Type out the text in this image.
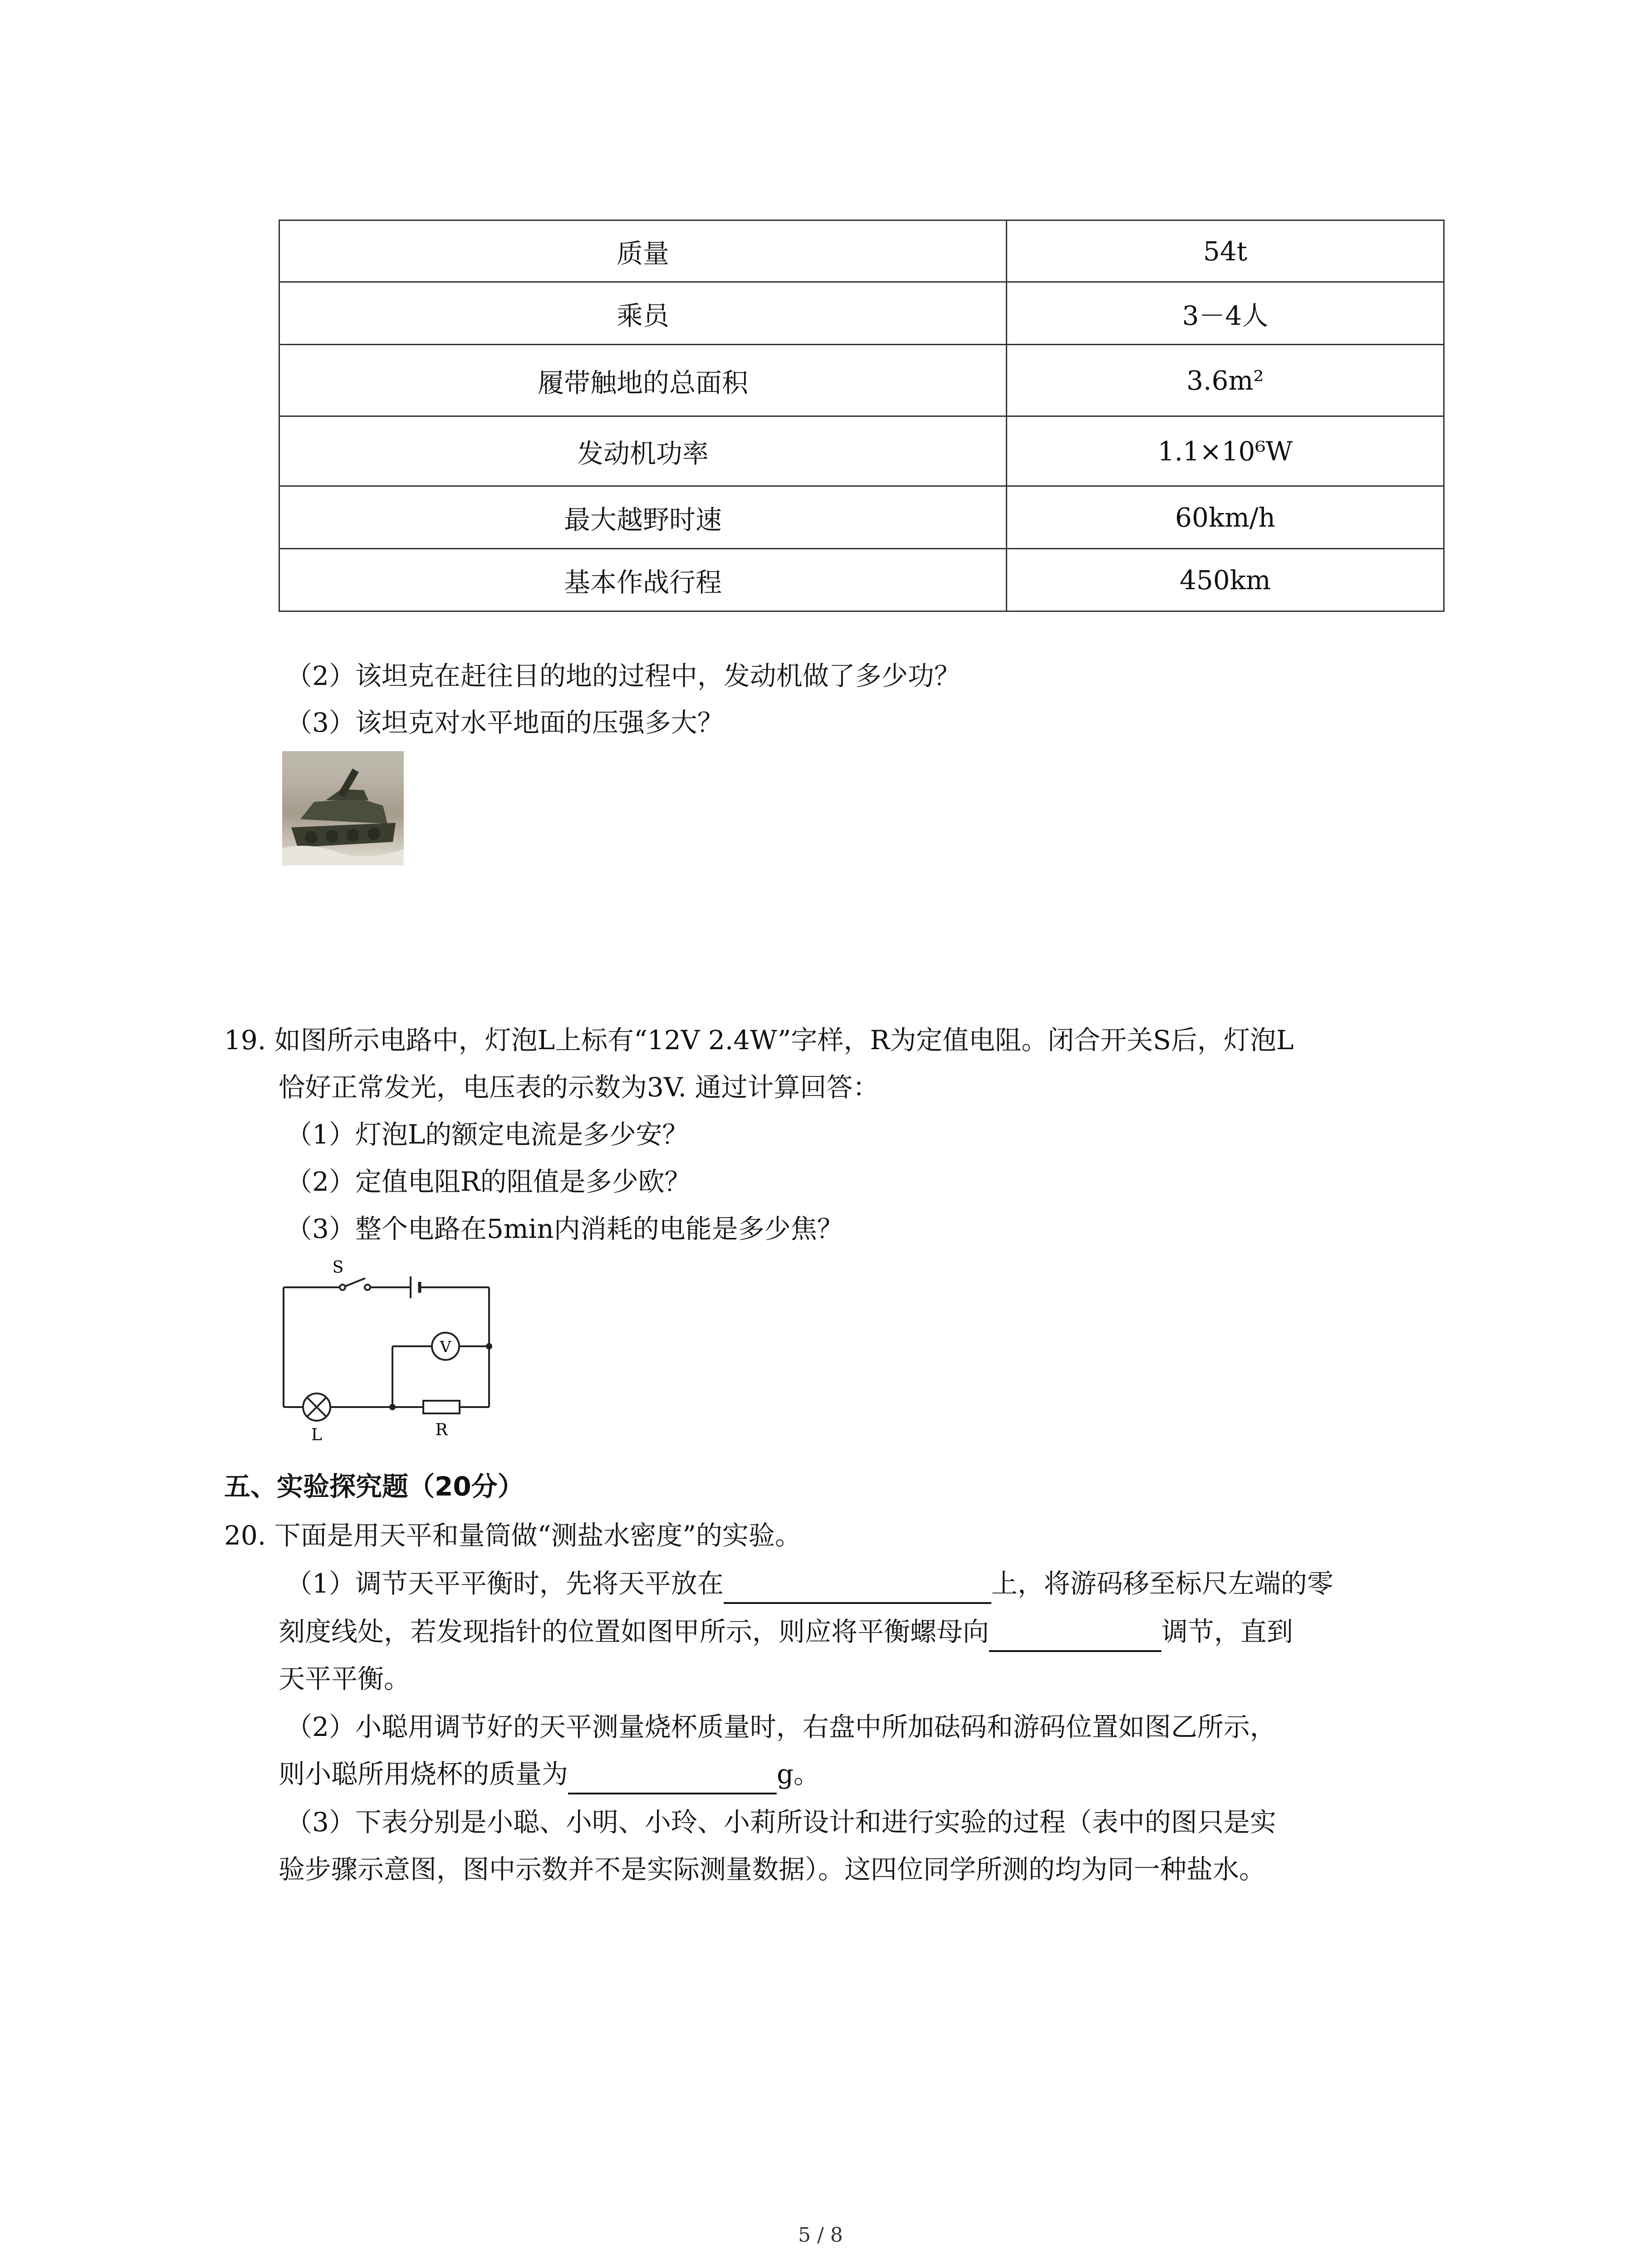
质量	54t
乘员	3－4人
履带触地的总面积	3.6m²
发动机功率	1.1×10⁶W
最大越野时速	60km/h
基本作战行程	450km
（2）该坦克在赶往目的地的过程中，发动机做了多少功？
（3）该坦克对水平地面的压强多大？
19. 如图所示电路中，灯泡L上标有“12V 2.4W”字样，R为定值电阻。闭合开关S后，灯泡L
恰好正常发光，电压表的示数为3V. 通过计算回答：
（1）灯泡L的额定电流是多少安？
（2）定值电阻R的阻值是多少欧？
（3）整个电路在5min内消耗的电能是多少焦？
S
V
L	R
五、实验探究题（20分）
20. 下面是用天平和量筒做“测盐水密度”的实验。
（1）调节天平平衡时，先将天平放在	上，将游码移至标尺左端的零
刻度线处，若发现指针的位置如图甲所示，则应将平衡螺母向	调节，直到
天平平衡。
（2）小聪用调节好的天平测量烧杯质量时，右盘中所加砝码和游码位置如图乙所示，
则小聪所用烧杯的质量为	g。
（3）下表分别是小聪、小明、小玲、小莉所设计和进行实验的过程（表中的图只是实
验步骤示意图，图中示数并不是实际测量数据）。这四位同学所测的均为同一种盐水。
5 / 8
